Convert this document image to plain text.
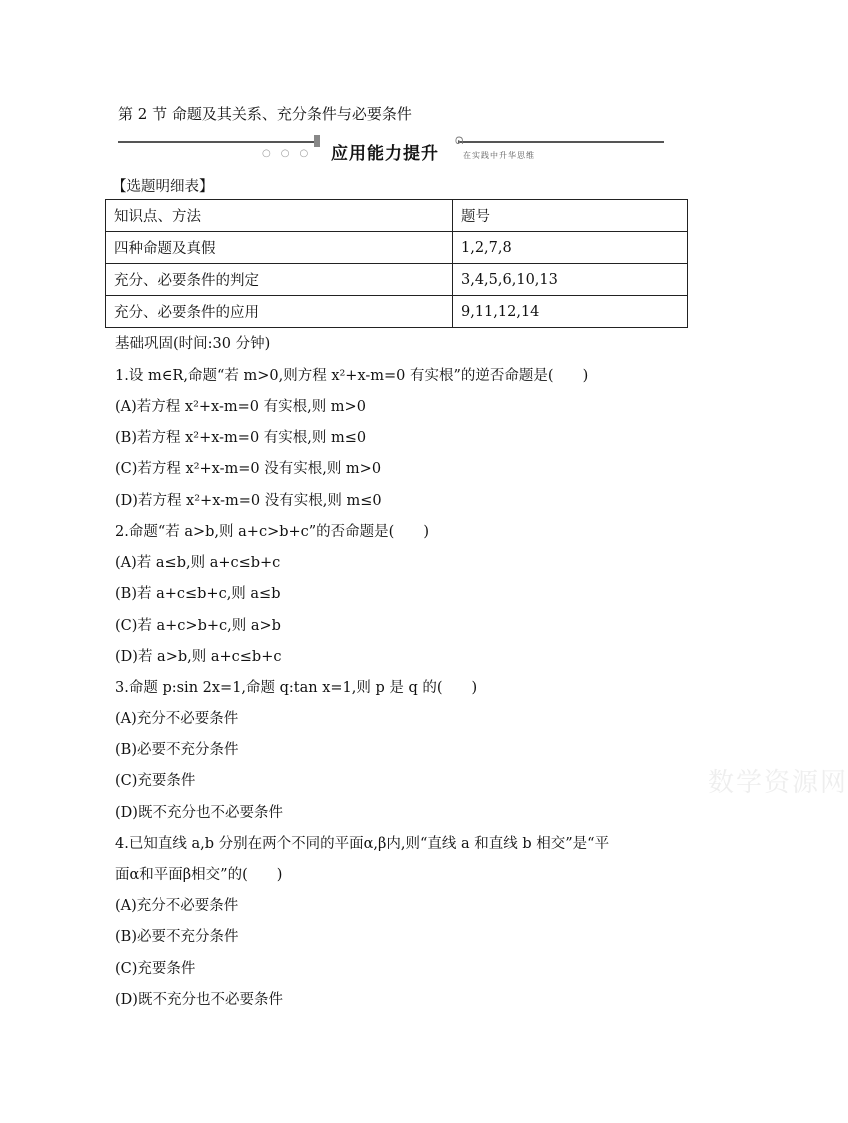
第 2 节 命题及其关系、充分条件与必要条件
○○○ 应用能力提升
ᘏ
在实践中升华思维
【选题明细表】
知识点、方法	题号
四种命题及真假	1,2,7,8
充分、必要条件的判定	3,4,5,6,10,13
充分、必要条件的应用	9,11,12,14
基础巩固(时间:30 分钟)
1.设 m∈R,命题“若 m>0,则方程 x²+x-m=0 有实根”的逆否命题是(　　)
(A)若方程 x²+x-m=0 有实根,则 m>0
(B)若方程 x²+x-m=0 有实根,则 m≤0
(C)若方程 x²+x-m=0 没有实根,则 m>0
(D)若方程 x²+x-m=0 没有实根,则 m≤0
2.命题“若 a>b,则 a+c>b+c”的否命题是(　　)
(A)若 a≤b,则 a+c≤b+c
(B)若 a+c≤b+c,则 a≤b
(C)若 a+c>b+c,则 a>b
(D)若 a>b,则 a+c≤b+c
3.命题 p:sin 2x=1,命题 q:tan x=1,则 p 是 q 的(　　)
(A)充分不必要条件
(B)必要不充分条件
(C)充要条件
(D)既不充分也不必要条件
4.已知直线 a,b 分别在两个不同的平面α,β内,则“直线 a 和直线 b 相交”是“平
面α和平面β相交”的(　　)
(A)充分不必要条件
(B)必要不充分条件
(C)充要条件
(D)既不充分也不必要条件
数学资源网
